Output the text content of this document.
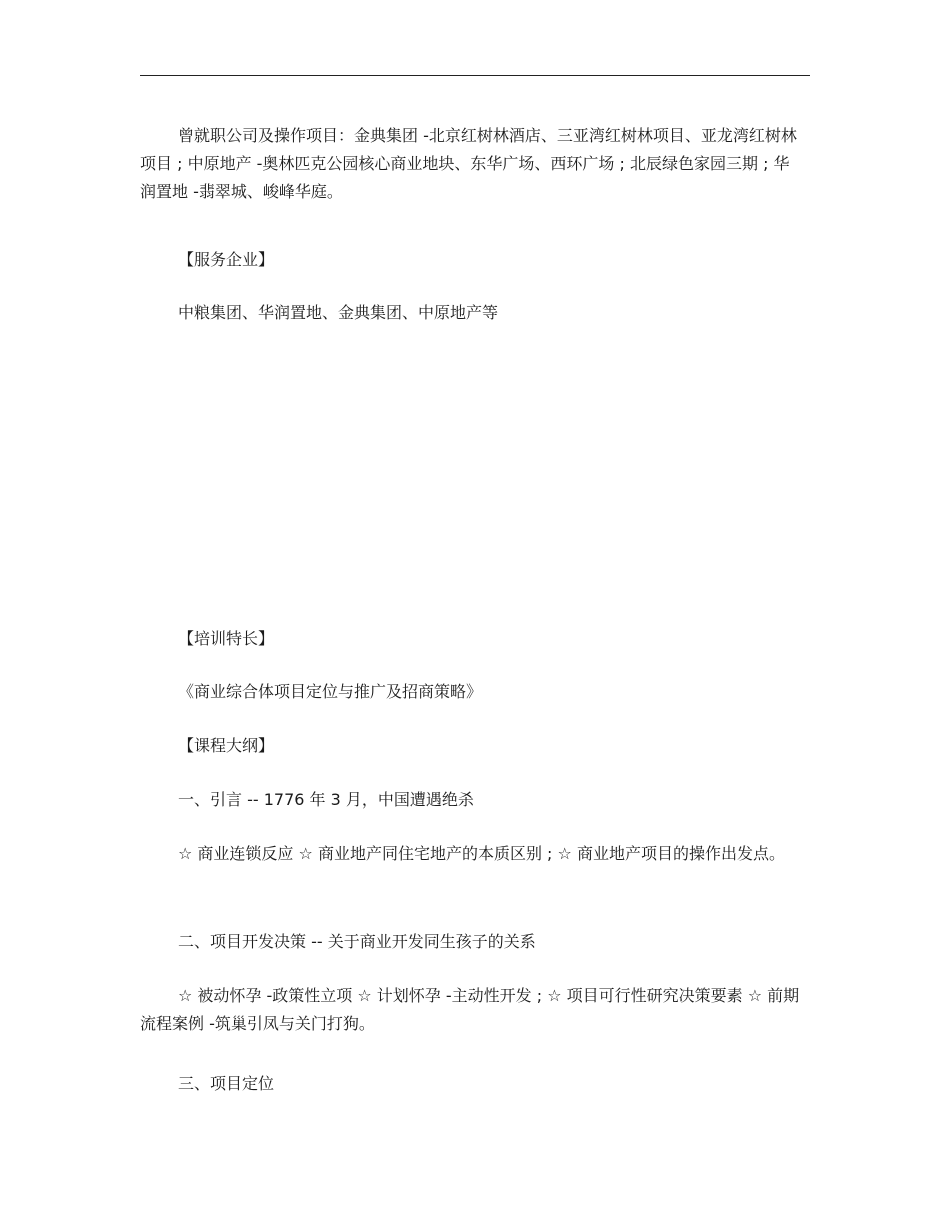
曾就职公司及操作项目：金典集团 -北京红树林酒店、三亚湾红树林项目、亚龙湾红树林项目 ; 中原地产 -奥林匹克公园核心商业地块、东华广场、西环广场 ; 北辰绿色家园三期 ; 华润置地 -翡翠城、峻峰华庭。

【服务企业】

中粮集团、华润置地、金典集团、中原地产等

【培训特长】

《商业综合体项目定位与推广及招商策略》

【课程大纲】

一、引言 -- 1776 年 3 月，中国遭遇绝杀

☆ 商业连锁反应 ☆ 商业地产同住宅地产的本质区别 ; ☆ 商业地产项目的操作出发点。

二、项目开发决策 -- 关于商业开发同生孩子的关系

☆ 被动怀孕 -政策性立项 ☆ 计划怀孕 -主动性开发 ; ☆ 项目可行性研究决策要素 ☆ 前期流程案例 -筑巢引凤与关门打狗。

三、项目定位
